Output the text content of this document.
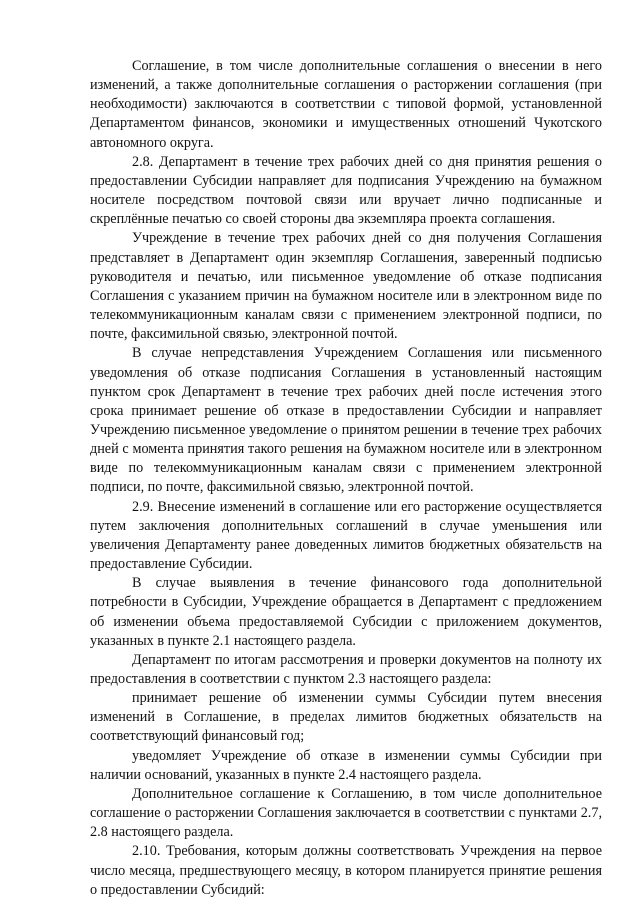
Соглашение, в том числе дополнительные соглашения о внесении в него изменений, а также дополнительные соглашения о расторжении соглашения (при необходимости) заключаются в соответствии с типовой формой, установленной Департаментом финансов, экономики и имущественных отношений Чукотского автономного округа.

2.8. Департамент в течение трех рабочих дней со дня принятия решения о предоставлении Субсидии направляет для подписания Учреждению на бумажном носителе посредством почтовой связи или вручает лично подписанные и скреплённые печатью со своей стороны два экземпляра проекта соглашения.

Учреждение в течение трех рабочих дней со дня получения Соглашения представляет в Департамент один экземпляр Соглашения, заверенный подписью руководителя и печатью, или письменное уведомление об отказе подписания Соглашения с указанием причин на бумажном носителе или в электронном виде по телекоммуникационным каналам связи с применением электронной подписи, по почте, факсимильной связью, электронной почтой.

В случае непредставления Учреждением Соглашения или письменного уведомления об отказе подписания Соглашения в установленный настоящим пунктом срок Департамент в течение трех рабочих дней после истечения этого срока принимает решение об отказе в предоставлении Субсидии и направляет Учреждению письменное уведомление о принятом решении в течение трех рабочих дней с момента принятия такого решения на бумажном носителе или в электронном виде по телекоммуникационным каналам связи с применением электронной подписи, по почте, факсимильной связью, электронной почтой.

2.9. Внесение изменений в соглашение или его расторжение осуществляется путем заключения дополнительных соглашений в случае уменьшения или увеличения Департаменту ранее доведенных лимитов бюджетных обязательств на предоставление Субсидии.

В случае выявления в течение финансового года дополнительной потребности в Субсидии, Учреждение обращается в Департамент с предложением об изменении объема предоставляемой Субсидии с приложением документов, указанных в пункте 2.1 настоящего раздела.

Департамент по итогам рассмотрения и проверки документов на полноту их предоставления в соответствии с пунктом 2.3 настоящего раздела:

принимает решение об изменении суммы Субсидии путем внесения изменений в Соглашение, в пределах лимитов бюджетных обязательств на соответствующий финансовый год;

уведомляет Учреждение об отказе в изменении суммы Субсидии при наличии оснований, указанных в пункте 2.4 настоящего раздела.

Дополнительное соглашение к Соглашению, в том числе дополнительное соглашение о расторжении Соглашения заключается в соответствии с пунктами 2.7, 2.8 настоящего раздела.

2.10. Требования, которым должны соответствовать Учреждения на первое число месяца, предшествующего месяцу, в котором планируется принятие решения о предоставлении Субсидий:
